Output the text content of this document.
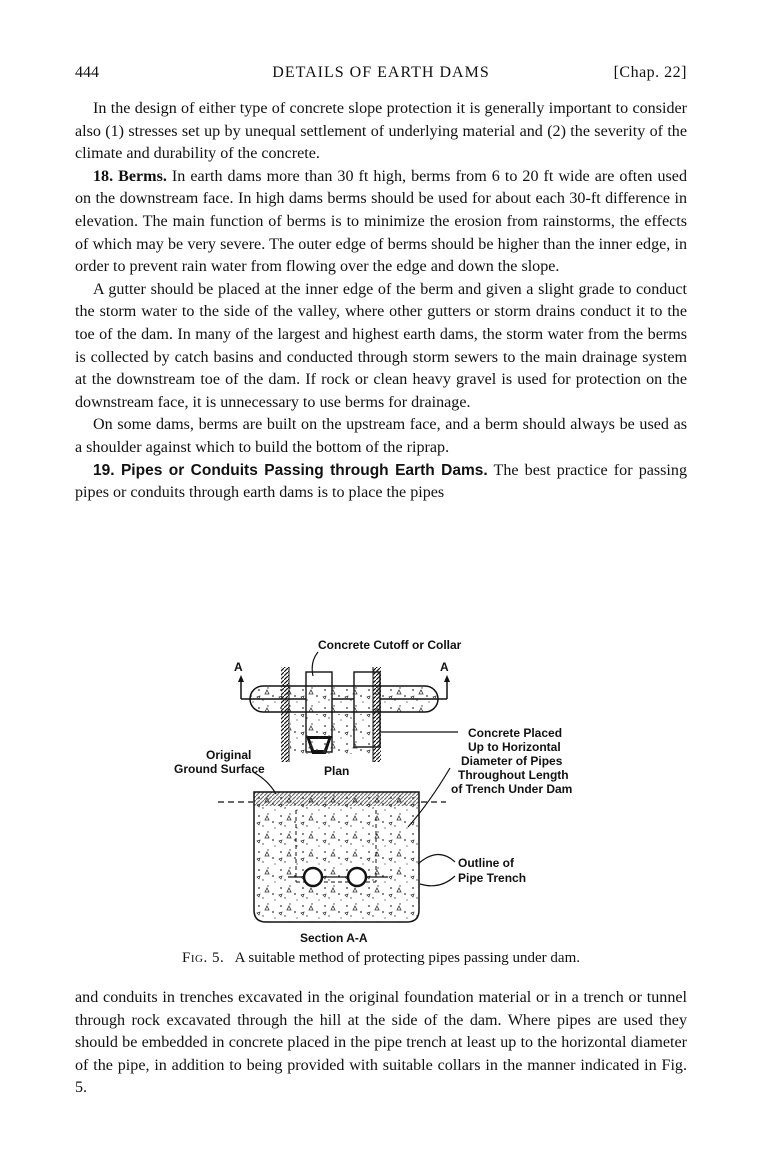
444	DETAILS OF EARTH DAMS	[Chap. 22]

In the design of either type of concrete slope protection it is generally important to consider also (1) stresses set up by unequal settlement of underlying material and (2) the severity of the climate and durability of the concrete.

18. Berms. In earth dams more than 30 ft high, berms from 6 to 20 ft wide are often used on the downstream face. In high dams berms should be used for about each 30-ft difference in elevation. The main function of berms is to minimize the erosion from rainstorms, the effects of which may be very severe. The outer edge of berms should be higher than the inner edge, in order to prevent rain water from flowing over the edge and down the slope.

A gutter should be placed at the inner edge of the berm and given a slight grade to conduct the storm water to the side of the valley, where other gutters or storm drains conduct it to the toe of the dam. In many of the largest and highest earth dams, the storm water from the berms is collected by catch basins and conducted through storm sewers to the main drainage system at the downstream toe of the dam. If rock or clean heavy gravel is used for protection on the downstream face, it is unnecessary to use berms for drainage.

On some dams, berms are built on the upstream face, and a berm should always be used as a shoulder against which to build the bottom of the riprap.

19. Pipes or Conduits Passing through Earth Dams. The best practice for passing pipes or conduits through earth dams is to place the pipes

Concrete Cutoff or Collar
A	A
Original
Ground Surface	Plan
Concrete Placed
Up to Horizontal
Diameter of Pipes
Throughout Length
of Trench Under Dam
Outline of
Pipe Trench
Section A-A
Fig. 5. A suitable method of protecting pipes passing under dam.

and conduits in trenches excavated in the original foundation material or in a trench or tunnel through rock excavated through the hill at the side of the dam. Where pipes are used they should be embedded in concrete placed in the pipe trench at least up to the horizontal diameter of the pipe, in addition to being provided with suitable collars in the manner indicated in Fig. 5.
